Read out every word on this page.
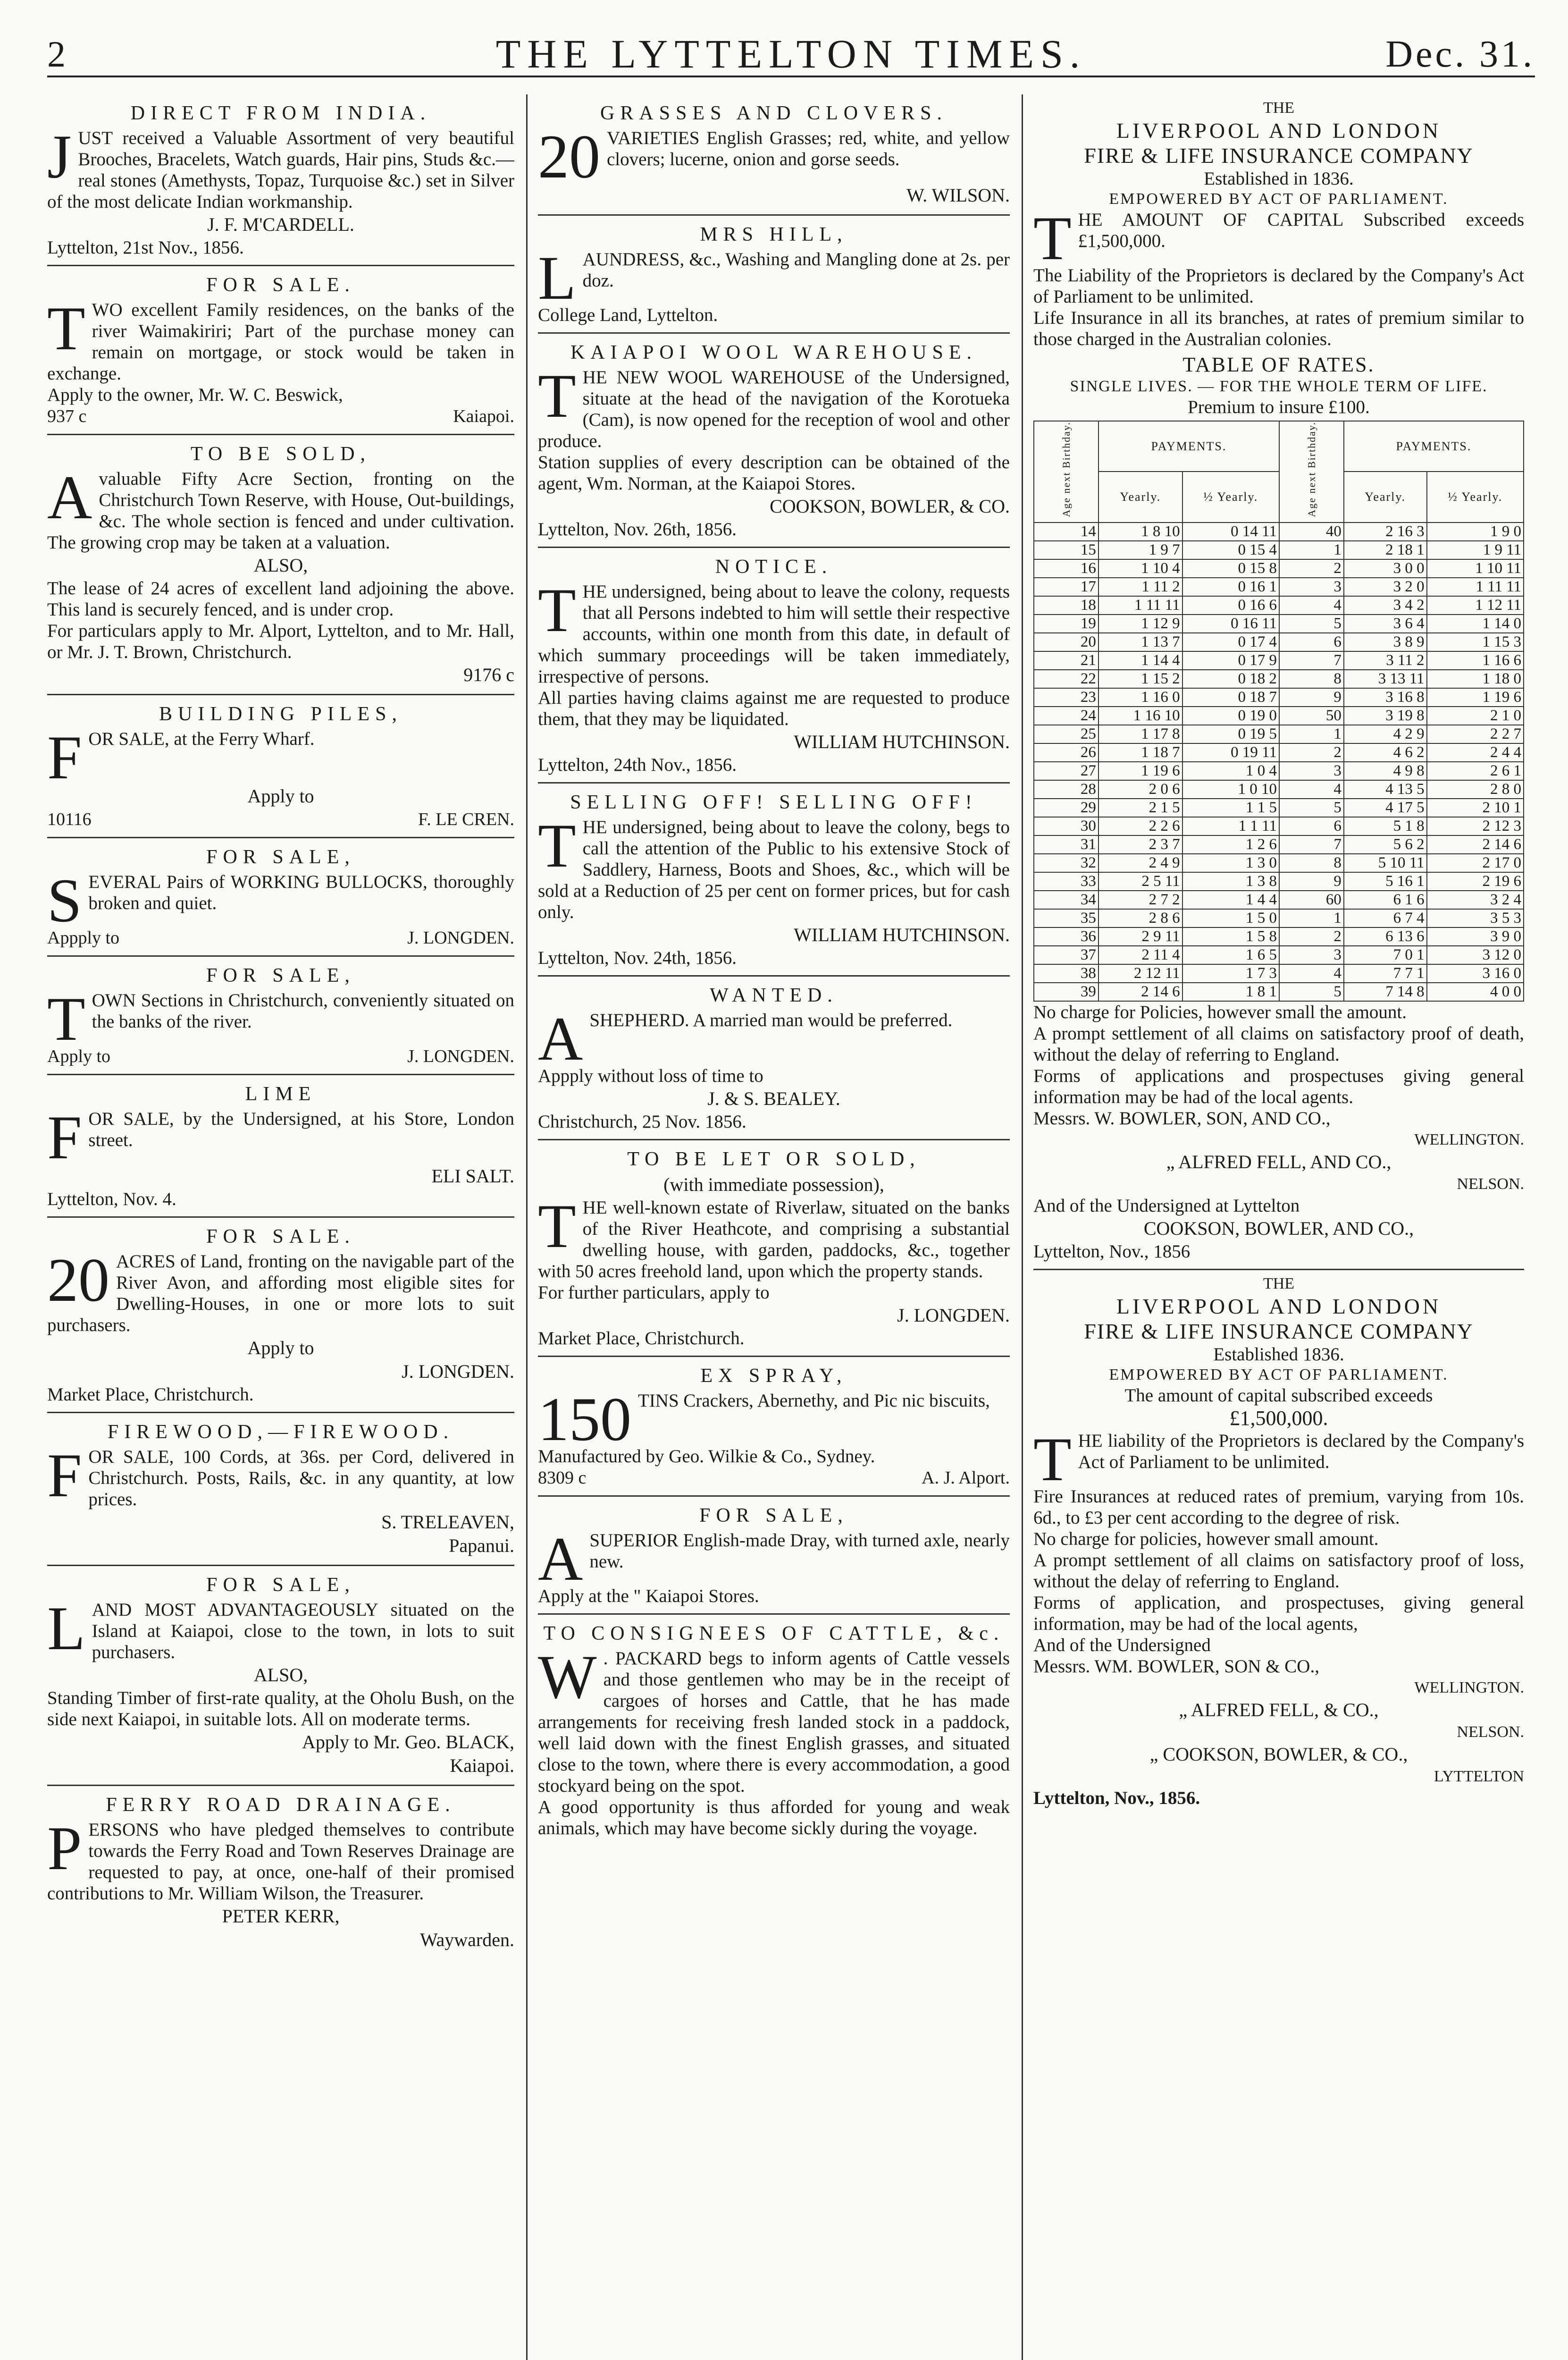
2	THE LYTTELTON TIMES.	Dec. 31.
DIRECT FROM INDIA.

JUST received a Valuable Assortment of very beautiful Brooches, Bracelets, Watch guards, Hair pins, Studs &c.—real stones (Amethysts, Topaz, Turquoise &c.) set in Silver of the most delicate Indian workmanship.

J. F. M'CARDELL.
Lyttelton, 21st Nov., 1856.
FOR SALE.

TWO excellent Family residences, on the banks of the river Waimakiriri; Part of the purchase money can remain on mortgage, or stock would be taken in exchange.

Apply to the owner, Mr. W. C. Beswick,
937 c	Kaiapoi.
TO BE SOLD,

A valuable Fifty Acre Section, fronting on the Christchurch Town Reserve, with House, Out-buildings, &c. The whole section is fenced and under cultivation. The growing crop may be taken at a valuation.

ALSO,

The lease of 24 acres of excellent land adjoining the above. This land is securely fenced, and is under crop.

For particulars apply to Mr. Alport, Lyttelton, and to Mr. Hall, or Mr. J. T. Brown, Christchurch.

9176 c
BUILDING PILES,

FOR SALE, at the Ferry Wharf.

Apply to
10116	F. LE CREN.
FOR SALE,

SEVERAL Pairs of WORKING BULLOCKS, thoroughly broken and quiet.

Appply to	J. LONGDEN.
FOR SALE,

TOWN Sections in Christchurch, conveniently situated on the banks of the river.

Apply to	J. LONGDEN.
LIME

FOR SALE, by the Undersigned, at his Store, London street.

ELI SALT.
Lyttelton, Nov. 4.
FOR SALE.

20 ACRES of Land, fronting on the navigable part of the River Avon, and affording most eligible sites for Dwelling-Houses, in one or more lots to suit purchasers.

Apply to
J. LONGDEN.
Market Place, Christchurch.
FIREWOOD,—FIREWOOD.

FOR SALE, 100 Cords, at 36s. per Cord, delivered in Christchurch. Posts, Rails, &c. in any quantity, at low prices.

S. TRELEAVEN,
Papanui.
FOR SALE,

LAND MOST ADVANTAGEOUSLY situated on the Island at Kaiapoi, close to the town, in lots to suit purchasers.

ALSO,

Standing Timber of first-rate quality, at the Oholu Bush, on the side next Kaiapoi, in suitable lots. All on moderate terms.

Apply to Mr. Geo. BLACK,
Kaiapoi.
FERRY ROAD DRAINAGE.

PERSONS who have pledged themselves to contribute towards the Ferry Road and Town Reserves Drainage are requested to pay, at once, one-half of their promised contributions to Mr. William Wilson, the Treasurer.

PETER KERR,
Waywarden.
GRASSES AND CLOVERS.

20 VARIETIES English Grasses; red, white, and yellow clovers; lucerne, onion and gorse seeds.

W. WILSON.
MRS HILL,

LAUNDRESS, &c., Washing and Mangling done at 2s. per doz.

College Land, Lyttelton.
KAIAPOI WOOL WAREHOUSE.

THE NEW WOOL WAREHOUSE of the Undersigned, situate at the head of the navigation of the Korotueka (Cam), is now opened for the reception of wool and other produce.

Station supplies of every description can be obtained of the agent, Wm. Norman, at the Kaiapoi Stores.

COOKSON, BOWLER, & CO.
Lyttelton, Nov. 26th, 1856.
NOTICE.

THE undersigned, being about to leave the colony, requests that all Persons indebted to him will settle their respective accounts, within one month from this date, in default of which summary proceedings will be taken immediately, irrespective of persons.

All parties having claims against me are requested to produce them, that they may be liquidated.

WILLIAM HUTCHINSON.
Lyttelton, 24th Nov., 1856.
SELLING OFF! SELLING OFF!

THE undersigned, being about to leave the colony, begs to call the attention of the Public to his extensive Stock of Saddlery, Harness, Boots and Shoes, &c., which will be sold at a Reduction of 25 per cent on former prices, but for cash only.

WILLIAM HUTCHINSON.
Lyttelton, Nov. 24th, 1856.
WANTED.

A SHEPHERD. A married man would be preferred.

Appply without loss of time to
J. & S. BEALEY.
Christchurch, 25 Nov. 1856.
TO BE LET OR SOLD,
(with immediate possession),

THE well-known estate of Riverlaw, situated on the banks of the River Heathcote, and comprising a substantial dwelling house, with garden, paddocks, &c., together with 50 acres freehold land, upon which the property stands.

For further particulars, apply to

J. LONGDEN.
Market Place, Christchurch.
EX SPRAY,

150 TINS Crackers, Abernethy, and Pic nic biscuits,

Manufactured by Geo. Wilkie & Co., Sydney.
8309 c	A. J. Alport.
FOR SALE,

A SUPERIOR English-made Dray, with turned axle, nearly new.

Apply at the " Kaiapoi Stores.
TO CONSIGNEES OF CATTLE, &c.

W . PACKARD begs to inform agents of Cattle vessels and those gentlemen who may be in the receipt of cargoes of horses and Cattle, that he has made arrangements for receiving fresh landed stock in a paddock, well laid down with the finest English grasses, and situated close to the town, where there is every accommodation, a good stockyard being on the spot.

A good opportunity is thus afforded for young and weak animals, which may have become sickly during the voyage.

THE
LIVERPOOL AND LONDON
FIRE & LIFE INSURANCE COMPANY
Established in 1836.
EMPOWERED BY ACT OF PARLIAMENT.

THE AMOUNT OF CAPITAL Subscribed exceeds £1,500,000.

The Liability of the Proprietors is declared by the Company's Act of Parliament to be unlimited.

Life Insurance in all its branches, at rates of premium similar to those charged in the Australian colonies.

TABLE OF RATES.
SINGLE LIVES. — FOR THE WHOLE TERM OF LIFE.
Premium to insure £100.
Age next Birthday.	PAYMENTS.		Age next Birthday.	PAYMENTS.	
	Yearly.	½ Yearly.		Yearly.	½ Yearly.
14	1 8 10	0 14 11	40	2 16 3	1 9 0
15	1 9 7	0 15 4	1	2 18 1	1 9 11
16	1 10 4	0 15 8	2	3 0 0	1 10 11
17	1 11 2	0 16 1	3	3 2 0	1 11 11
18	1 11 11	0 16 6	4	3 4 2	1 12 11
19	1 12 9	0 16 11	5	3 6 4	1 14 0
20	1 13 7	0 17 4	6	3 8 9	1 15 3
21	1 14 4	0 17 9	7	3 11 2	1 16 6
22	1 15 2	0 18 2	8	3 13 11	1 18 0
23	1 16 0	0 18 7	9	3 16 8	1 19 6
24	1 16 10	0 19 0	50	3 19 8	2 1 0
25	1 17 8	0 19 5	1	4 2 9	2 2 7
26	1 18 7	0 19 11	2	4 6 2	2 4 4
27	1 19 6	1 0 4	3	4 9 8	2 6 1
28	2 0 6	1 0 10	4	4 13 5	2 8 0
29	2 1 5	1 1 5	5	4 17 5	2 10 1
30	2 2 6	1 1 11	6	5 1 8	2 12 3
31	2 3 7	1 2 6	7	5 6 2	2 14 6
32	2 4 9	1 3 0	8	5 10 11	2 17 0
33	2 5 11	1 3 8	9	5 16 1	2 19 6
34	2 7 2	1 4 4	60	6 1 6	3 2 4
35	2 8 6	1 5 0	1	6 7 4	3 5 3
36	2 9 11	1 5 8	2	6 13 6	3 9 0
37	2 11 4	1 6 5	3	7 0 1	3 12 0
38	2 12 11	1 7 3	4	7 7 1	3 16 0
39	2 14 6	1 8 1	5	7 14 8	4 0 0

No charge for Policies, however small the amount.

A prompt settlement of all claims on satisfactory proof of death, without the delay of referring to England.

Forms of applications and prospectuses giving general information may be had of the local agents.

Messrs. W. BOWLER, SON, AND CO.,
WELLINGTON.
„ ALFRED FELL, AND CO.,
NELSON.
And of the Undersigned at Lyttelton
COOKSON, BOWLER, AND CO.,
Lyttelton, Nov., 1856
THE
LIVERPOOL AND LONDON
FIRE & LIFE INSURANCE COMPANY
Established 1836.
EMPOWERED BY ACT OF PARLIAMENT.
The amount of capital subscribed exceeds
£1,500,000.

THE liability of the Proprietors is declared by the Company's Act of Parliament to be unlimited.

Fire Insurances at reduced rates of premium, varying from 10s. 6d., to £3 per cent according to the degree of risk.

No charge for policies, however small amount.

A prompt settlement of all claims on satisfactory proof of loss, without the delay of referring to England.

Forms of application, and prospectuses, giving general information, may be had of the local agents,

And of the Undersigned

Messrs. WM. BOWLER, SON & CO.,
WELLINGTON.
„ ALFRED FELL, & CO.,
NELSON.
„ COOKSON, BOWLER, & CO.,
LYTTELTON
Lyttelton, Nov., 1856.
